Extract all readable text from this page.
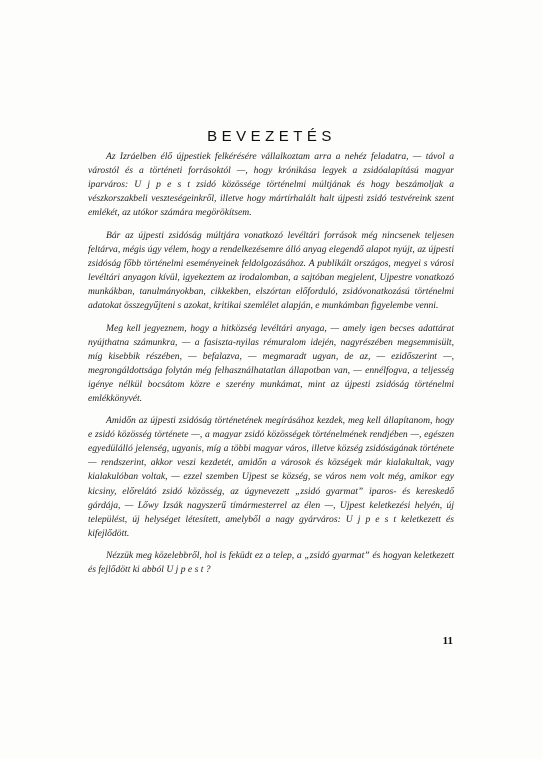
BEVEZETÉS

Az Izráelben élő újpestiek felkérésére vállalkoztam arra a nehéz feladatra, — távol a várostól és a történeti forrásoktól —, hogy krónikása legyek a zsidóalapítású magyar iparváros: U j p e s t zsidó közössége történelmi múltjának és hogy beszámoljak a vészkorszakbeli veszteségeinkről, illetve hogy mártírhalált halt újpesti zsidó testvéreink szent emlékét, az utókor számára megörökítsem.

Bár az újpesti zsidóság múltjára vonatkozó levéltári források még nincsenek teljesen feltárva, mégis úgy vélem, hogy a rendelkezésemre álló anyag elegendő alapot nyújt, az újpesti zsidóság főbb történelmi eseményeinek feldolgozásához. A publikált országos, megyei s városi levéltári anyagon kívül, igyekeztem az irodalomban, a sajtóban megjelent, Ujpestre vonatkozó munkákban, tanulmányokban, cikkekben, elszórtan előforduló, zsidóvonatkozású történelmi adatokat összegyűjteni s azokat, kritikai szemlélet alapján, e munkámban figyelembe venni.

Meg kell jegyeznem, hogy a hitközség levéltári anyaga, — amely igen becses adattárat nyújthatna számunkra, — a fasiszta-nyilas rémuralom idején, nagyrészében megsemmisült, míg kisebbik részében, — befalazva, — megmaradt ugyan, de az, — ezidőszerint —, megrongáldottsága folytán még felhasználhatatlan állapotban van, — ennélfogva, a teljesség igénye nélkül bocsátom közre e szerény munkámat, mint az újpesti zsidóság történelmi emlékkönyvét.

Amidőn az újpesti zsidóság történetének megírásához kezdek, meg kell állapítanom, hogy e zsidó közösség története —, a magyar zsidó közösségek történelmének rendjében —, egészen egyedülálló jelenség, ugyanis, míg a többi magyar város, illetve község zsidóságának története — rendszerint, akkor veszi kezdetét, amidőn a városok és községek már kialakultak, vagy kialakulóban voltak, — ezzel szemben Ujpest se község, se város nem volt még, amikor egy kicsiny, előrelátó zsidó közösség, az úgynevezett „zsidó gyarmat” iparos- és kereskedő gárdája, — Lőwy Izsák nagyszerű tímármesterrel az élen —, Ujpest keletkezési helyén, új települést, új helységet létesített, amelyből a nagy gyárváros: U j p e s t keletkezett és kifejlődött.

Nézzük meg közelebbről, hol is feküdt ez a telep, a „zsidó gyarmat” és hogyan keletkezett és fejlődött ki abból U j p e s t ?

11
